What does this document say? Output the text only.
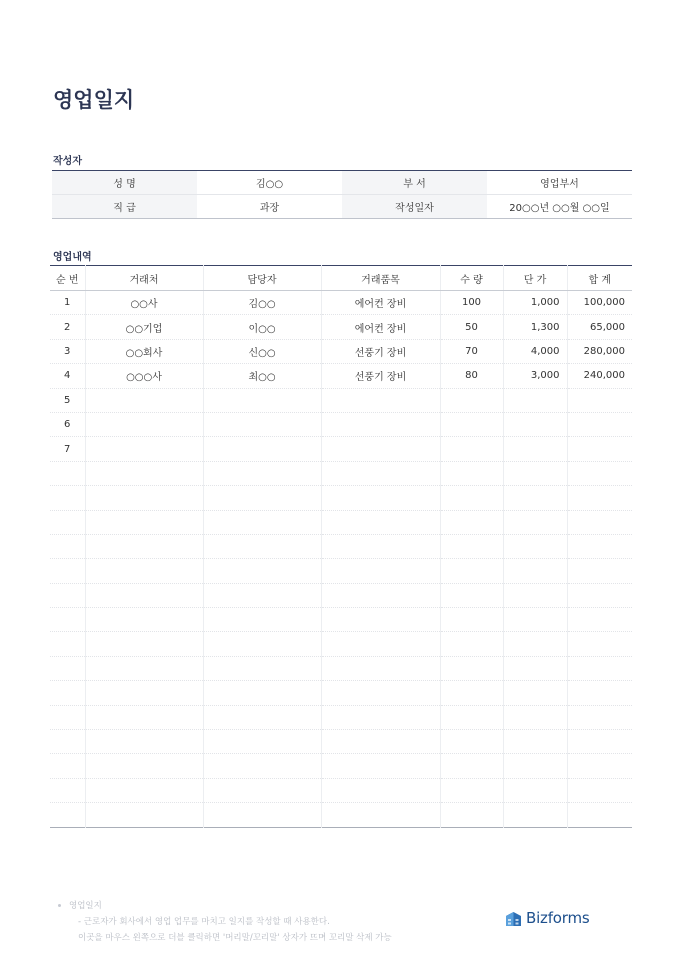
영업일지
작성자
성 명	김○○	부 서	영업부서
직 급	과장	작성일자	20○○년 ○○월 ○○일
영업내역
순 번	거래처	담당자	거래품목	수 량	단 가	합 계
1	○○사	김○○	에어컨 장비	100	1,000	100,000
2	○○기업	이○○	에어컨 장비	50	1,300	65,000
3	○○회사	신○○	선풍기 장비	70	4,000	280,000
4	○○○사	최○○	선풍기 장비	80	3,000	240,000
5						
6						
7						

영업일지
- 근로자가 회사에서 영업 업무를 마치고 일지를 작성할 때 사용한다.
이곳을 마우스 왼쪽으로 더블 클릭하면 '머리말/꼬리말' 상자가 뜨며 꼬리말 삭제 가능
Bizforms
